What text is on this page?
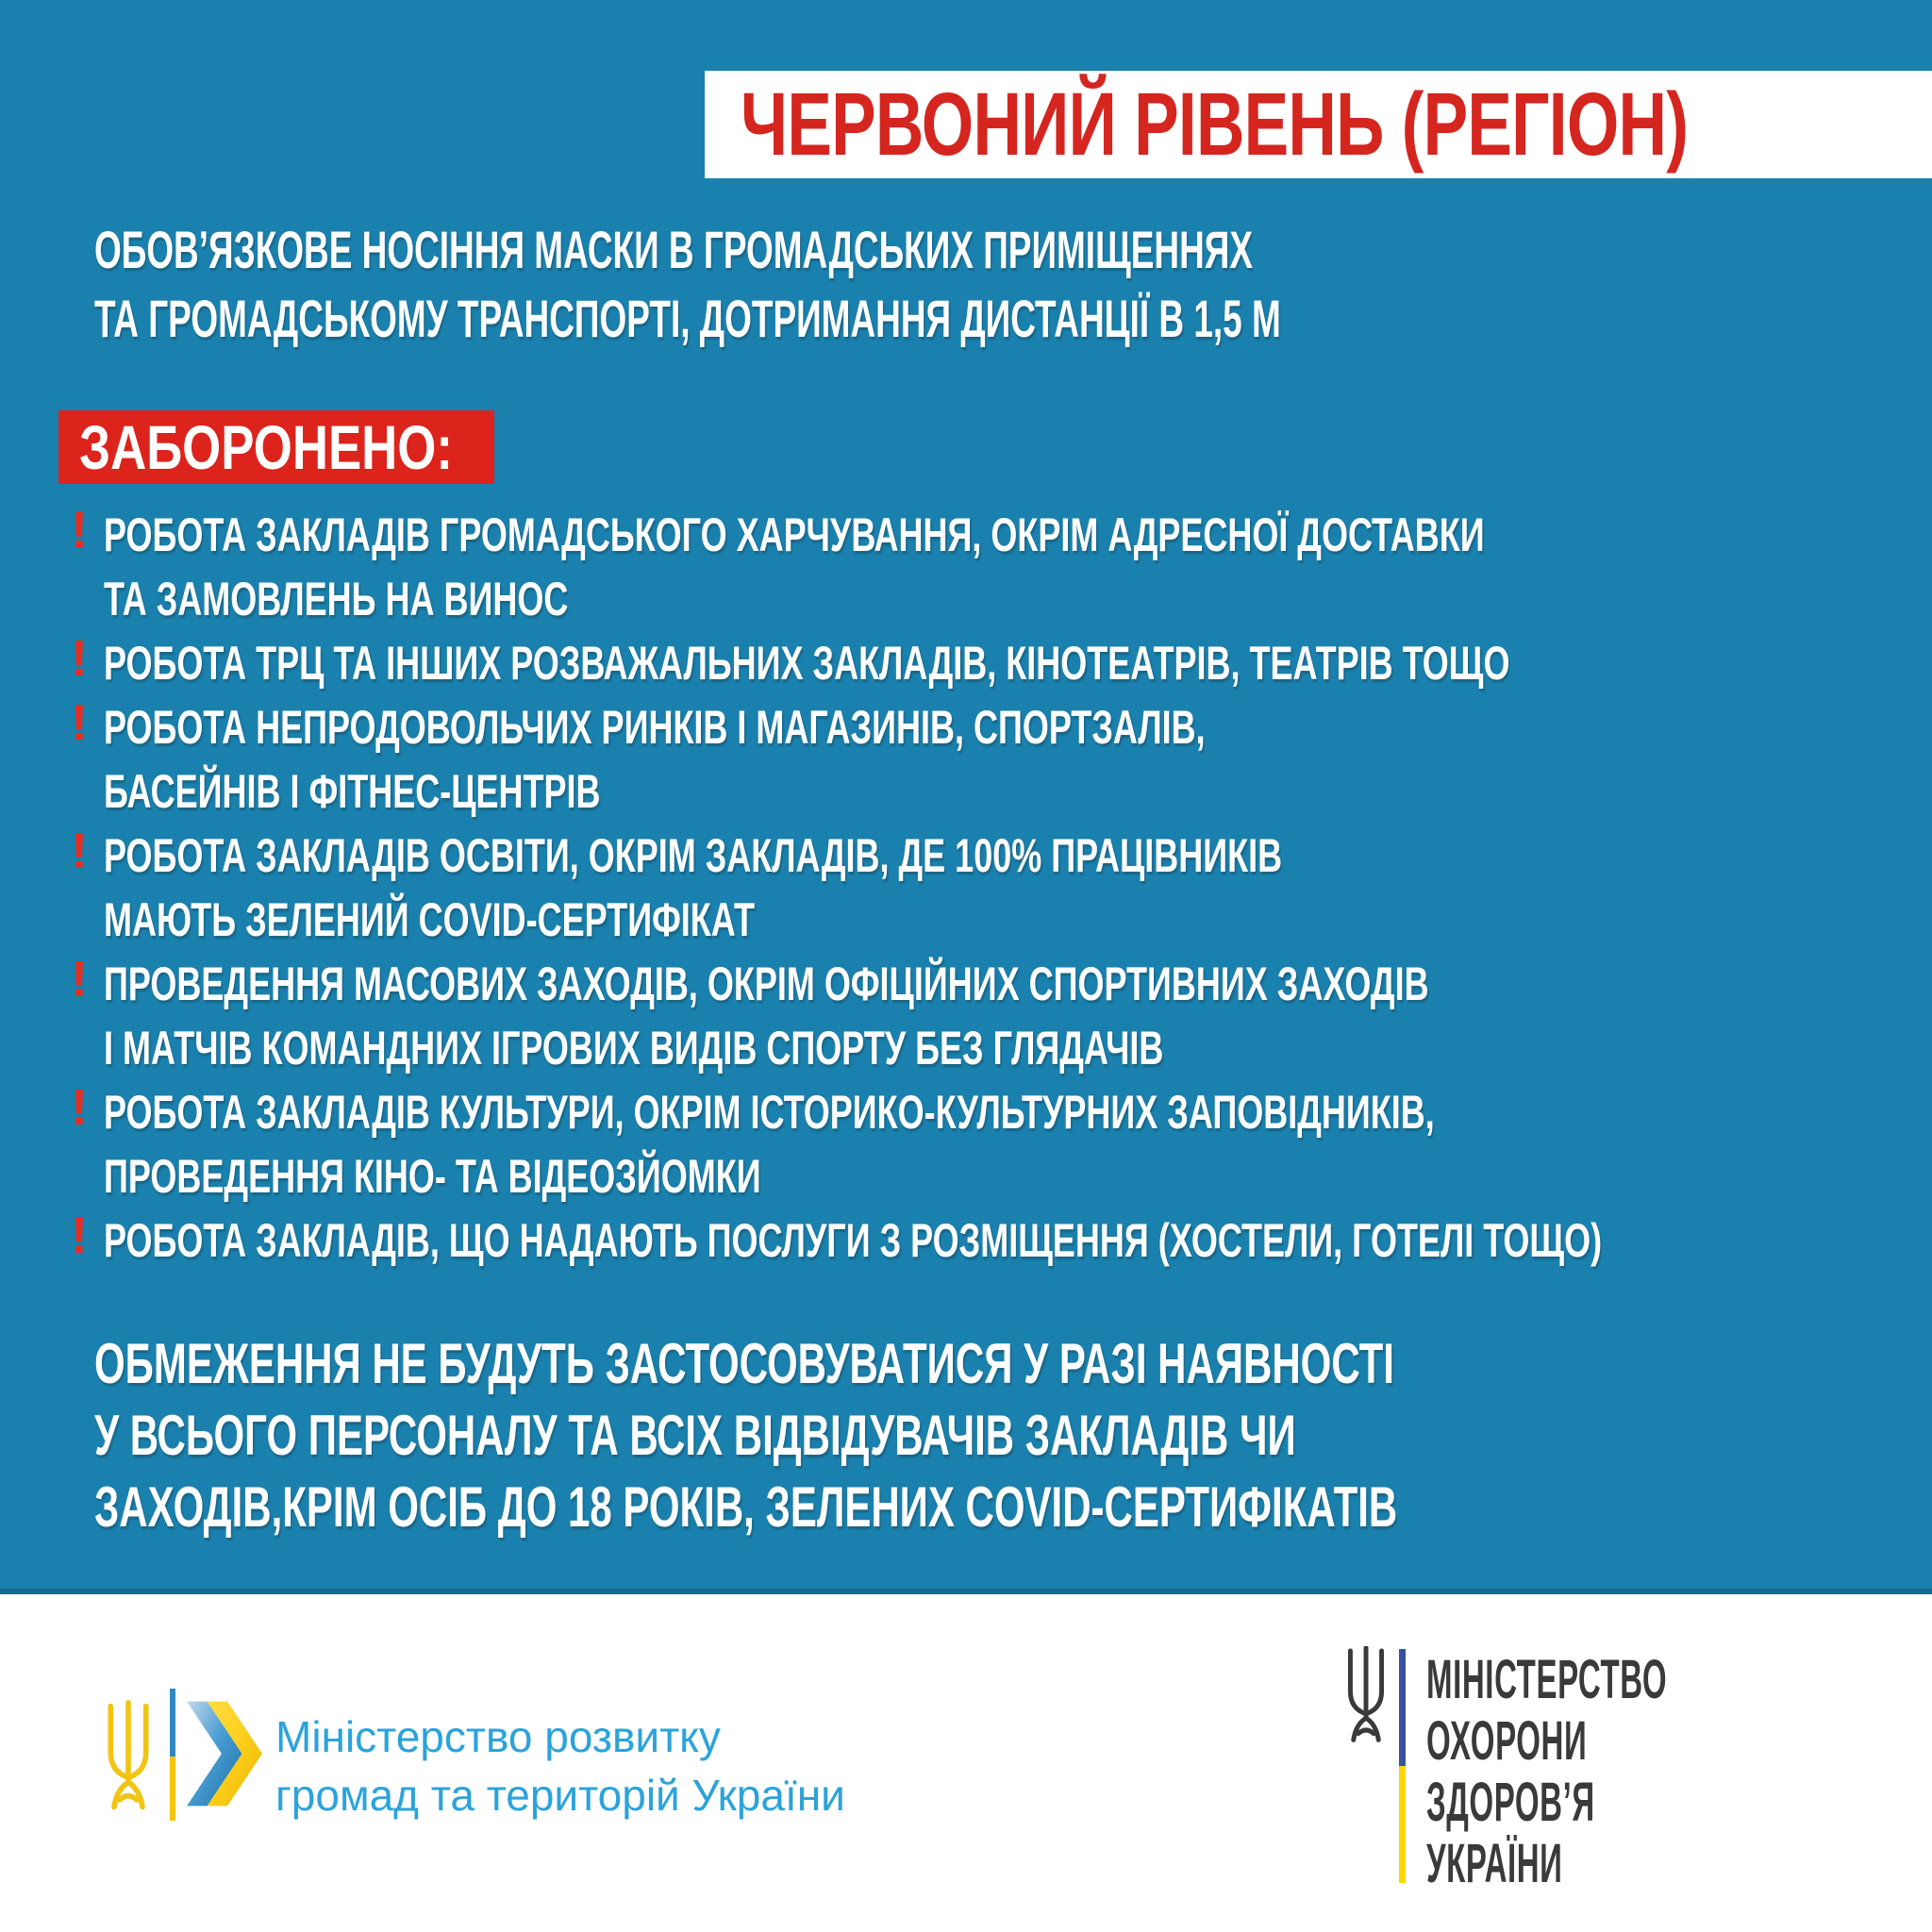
ЧЕРВОНИЙ РІВЕНЬ (РЕГІОН)
ОБОВ’ЯЗКОВЕ НОСІННЯ МАСКИ В ГРОМАДСЬКИХ ПРИМІЩЕННЯХ
ТА ГРОМАДСЬКОМУ ТРАНСПОРТІ, ДОТРИМАННЯ ДИСТАНЦІЇ В 1,5 М
ЗАБОРОНЕНО:
! РОБОТА ЗАКЛАДІВ ГРОМАДСЬКОГО ХАРЧУВАННЯ, ОКРІМ АДРЕСНОЇ ДОСТАВКИ
ТА ЗАМОВЛЕНЬ НА ВИНОС
! РОБОТА ТРЦ ТА ІНШИХ РОЗВАЖАЛЬНИХ ЗАКЛАДІВ, КІНОТЕАТРІВ, ТЕАТРІВ ТОЩО
! РОБОТА НЕПРОДОВОЛЬЧИХ РИНКІВ І МАГАЗИНІВ, СПОРТЗАЛІВ,
БАСЕЙНІВ І ФІТНЕС-ЦЕНТРІВ
! РОБОТА ЗАКЛАДІВ ОСВІТИ, ОКРІМ ЗАКЛАДІВ, ДЕ 100% ПРАЦІВНИКІВ
МАЮТЬ ЗЕЛЕНИЙ COVID-СЕРТИФІКАТ
! ПРОВЕДЕННЯ МАСОВИХ ЗАХОДІВ, ОКРІМ ОФІЦІЙНИХ СПОРТИВНИХ ЗАХОДІВ
І МАТЧІВ КОМАНДНИХ ІГРОВИХ ВИДІВ СПОРТУ БЕЗ ГЛЯДАЧІВ
! РОБОТА ЗАКЛАДІВ КУЛЬТУРИ, ОКРІМ ІСТОРИКО-КУЛЬТУРНИХ ЗАПОВІДНИКІВ,
ПРОВЕДЕННЯ КІНО- ТА ВІДЕОЗЙОМКИ
! РОБОТА ЗАКЛАДІВ, ЩО НАДАЮТЬ ПОСЛУГИ З РОЗМІЩЕННЯ (ХОСТЕЛИ, ГОТЕЛІ ТОЩО)
ОБМЕЖЕННЯ НЕ БУДУТЬ ЗАСТОСОВУВАТИСЯ У РАЗІ НАЯВНОСТІ
У ВСЬОГО ПЕРСОНАЛУ ТА ВСІХ ВІДВІДУВАЧІВ ЗАКЛАДІВ ЧИ
ЗАХОДІВ,КРІМ ОСІБ ДО 18 РОКІВ, ЗЕЛЕНИХ COVID-СЕРТИФІКАТІВ
Міністерство розвитку
громад та територій України
МІНІСТЕРСТВО
ОХОРОНИ
ЗДОРОВ’Я
УКРАЇНИ
